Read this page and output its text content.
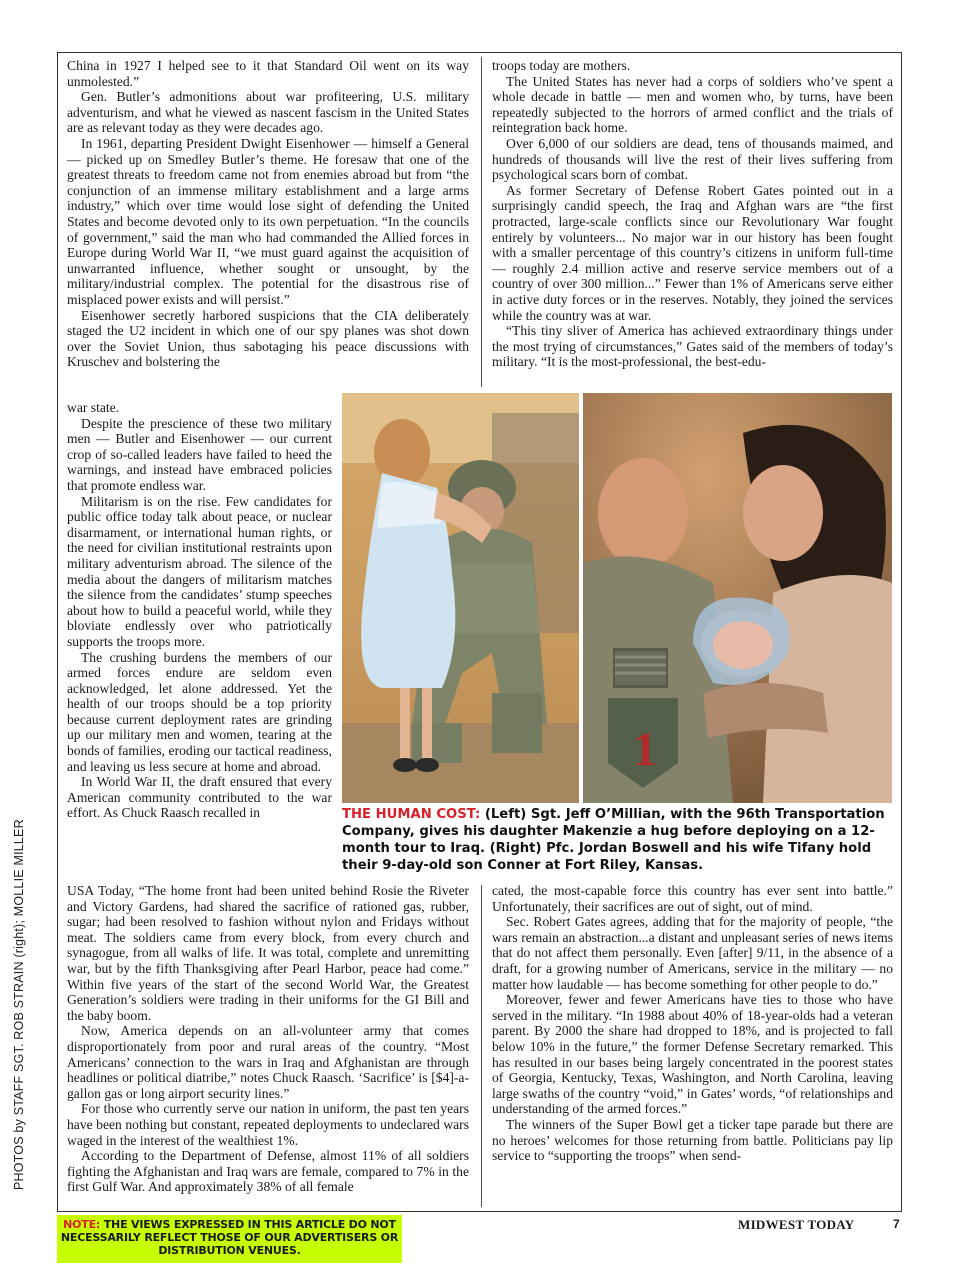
PHOTOS by STAFF SGT. ROB STRAIN (right); MOLLIE MILLER

China in 1927 I helped see to it that Standard Oil went on its way unmolested.”

Gen. Butler’s admonitions about war profiteering, U.S. military adventurism, and what he viewed as nascent fascism in the United States are as relevant today as they were decades ago.

In 1961, departing President Dwight Eisenhower — himself a General — picked up on Smedley Butler’s theme. He foresaw that one of the greatest threats to freedom came not from enemies abroad but from “the conjunction of an immense military establishment and a large arms industry,” which over time would lose sight of defending the United States and become devoted only to its own perpetuation. “In the councils of government,” said the man who had commanded the Allied forces in Europe during World War II, “we must guard against the acquisition of unwarranted influence, whether sought or unsought, by the military/industrial complex. The potential for the disastrous rise of misplaced power exists and will persist.”

Eisenhower secretly harbored suspicions that the CIA deliberately staged the U2 incident in which one of our spy planes was shot down over the Soviet Union, thus sabotaging his peace discussions with Kruschev and bolstering the

war state.

Despite the prescience of these two military men — Butler and Eisenhower — our current crop of so-called leaders have failed to heed the warnings, and instead have embraced policies that promote endless war.

Militarism is on the rise. Few candidates for public office today talk about peace, or nuclear disarmament, or international human rights, or the need for civilian institutional restraints upon military adventurism abroad. The silence of the media about the dangers of militarism matches the silence from the candidates’ stump speeches about how to build a peaceful world, while they bloviate endlessly over who patriotically supports the troops more.

The crushing burdens the members of our armed forces endure are seldom even acknowledged, let alone addressed. Yet the health of our troops should be a top priority because current deployment rates are grinding up our military men and women, tearing at the bonds of families, eroding our tactical readiness, and leaving us less secure at home and abroad.

In World War II, the draft ensured that every American community contributed to the war effort. As Chuck Raasch recalled in

USA Today, “The home front had been united behind Rosie the Riveter and Victory Gardens, had shared the sacrifice of rationed gas, rubber, sugar; had been resolved to fashion without nylon and Fridays without meat. The soldiers came from every block, from every church and synagogue, from all walks of life. It was total, complete and unremitting war, but by the fifth Thanksgiving after Pearl Harbor, peace had come.” Within five years of the start of the second World War, the Greatest Generation’s soldiers were trading in their uniforms for the GI Bill and the baby boom.

Now, America depends on an all-volunteer army that comes disproportionately from poor and rural areas of the country. “Most Americans’ connection to the wars in Iraq and Afghanistan are through headlines or political diatribe,” notes Chuck Raasch. ‘Sacrifice’ is [$4]-a-gallon gas or long airport security lines.”

For those who currently serve our nation in uniform, the past ten years have been nothing but constant, repeated deployments to undeclared wars waged in the interest of the wealthiest 1%.

According to the Department of Defense, almost 11% of all soldiers fighting the Afghanistan and Iraq wars are female, compared to 7% in the first Gulf War. And approximately 38% of all female

troops today are mothers.

The United States has never had a corps of soldiers who’ve spent a whole decade in battle — men and women who, by turns, have been repeatedly subjected to the horrors of armed conflict and the trials of reintegration back home.

Over 6,000 of our soldiers are dead, tens of thousands maimed, and hundreds of thousands will live the rest of their lives suffering from psychological scars born of combat.

As former Secretary of Defense Robert Gates pointed out in a surprisingly candid speech, the Iraq and Afghan wars are “the first protracted, large-scale conflicts since our Revolutionary War fought entirely by volunteers... No major war in our history has been fought with a smaller percentage of this country’s citizens in uniform full-time — roughly 2.4 million active and reserve service members out of a country of over 300 million...” Fewer than 1% of Americans serve either in active duty forces or in the reserves. Notably, they joined the services while the country was at war.

“This tiny sliver of America has achieved extraordinary things under the most trying of circumstances,” Gates said of the members of today’s military. “It is the most-professional, the best-edu-

cated, the most-capable force this country has ever sent into battle.” Unfortunately, their sacrifices are out of sight, out of mind.

Sec. Robert Gates agrees, adding that for the majority of people, “the wars remain an abstraction...a distant and unpleasant series of news items that do not affect them personally. Even [after] 9/11, in the absence of a draft, for a growing number of Americans, service in the military — no matter how laudable — has become something for other people to do.”

Moreover, fewer and fewer Americans have ties to those who have served in the military. “In 1988 about 40% of 18-year-olds had a veteran parent. By 2000 the share had dropped to 18%, and is projected to fall below 10% in the future,” the former Defense Secretary remarked. This has resulted in our bases being largely concentrated in the poorest states of Georgia, Kentucky, Texas, Washington, and North Carolina, leaving large swaths of the country “void,” in Gates’ words, “of relationships and understanding of the armed forces.”

The winners of the Super Bowl get a ticker tape parade but there are no heroes’ welcomes for those returning from battle. Politicians pay lip service to “supporting the troops” when send-

1
THE HUMAN COST: (Left) Sgt. Jeff O’Millian, with the 96th Transportation Company, gives his daughter Makenzie a hug before deploying on a 12-month tour to Iraq. (Right) Pfc. Jordan Boswell and his wife Tifany hold their 9-day-old son Conner at Fort Riley, Kansas.
NOTE: THE VIEWS EXPRESSED IN THIS ARTICLE DO NOT NECESSARILY REFLECT THOSE OF OUR ADVERTISERS OR DISTRIBUTION VENUES.
MIDWEST TODAY	7
